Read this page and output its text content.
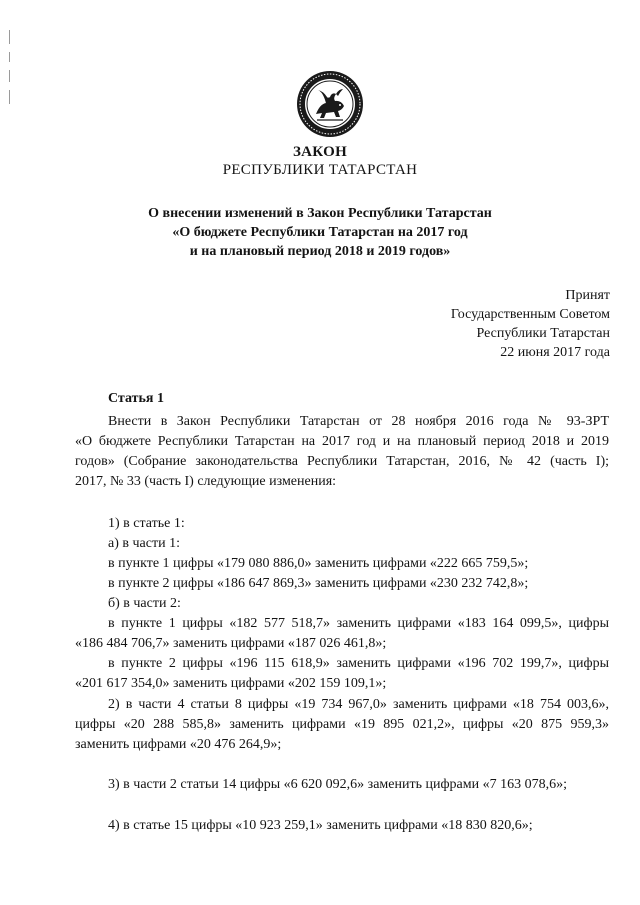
ЗАКОН
РЕСПУБЛИКИ ТАТАРСТАН
О внесении изменений в Закон Республики Татарстан
«О бюджете Республики Татарстан на 2017 год
и на плановый период 2018 и 2019 годов»
Принят
Государственным Советом
Республики Татарстан
22 июня 2017 года
Статья 1
Внести в Закон Республики Татарстан от 28 ноября 2016 года № 93-ЗРТ
«О бюджете Республики Татарстан на 2017 год и на плановый период 2018 и 2019
годов» (Собрание законодательства Республики Татарстан, 2016, № 42 (часть I);
2017, № 33 (часть I) следующие изменения:
1) в статье 1:
а) в части 1:
в пункте 1 цифры «179 080 886,0» заменить цифрами «222 665 759,5»;
в пункте 2 цифры «186 647 869,3» заменить цифрами «230 232 742,8»;
б) в части 2:
в пункте 1 цифры «182 577 518,7» заменить цифрами «183 164 099,5», цифры
«186 484 706,7» заменить цифрами «187 026 461,8»;
в пункте 2 цифры «196 115 618,9» заменить цифрами «196 702 199,7», цифры
«201 617 354,0» заменить цифрами «202 159 109,1»;
2) в части 4 статьи 8 цифры «19 734 967,0» заменить цифрами «18 754 003,6»,
цифры «20 288 585,8» заменить цифрами «19 895 021,2», цифры «20 875 959,3»
заменить цифрами «20 476 264,9»;
3) в части 2 статьи 14 цифры «6 620 092,6» заменить цифрами «7 163 078,6»;
4) в статье 15 цифры «10 923 259,1» заменить цифрами «18 830 820,6»;
